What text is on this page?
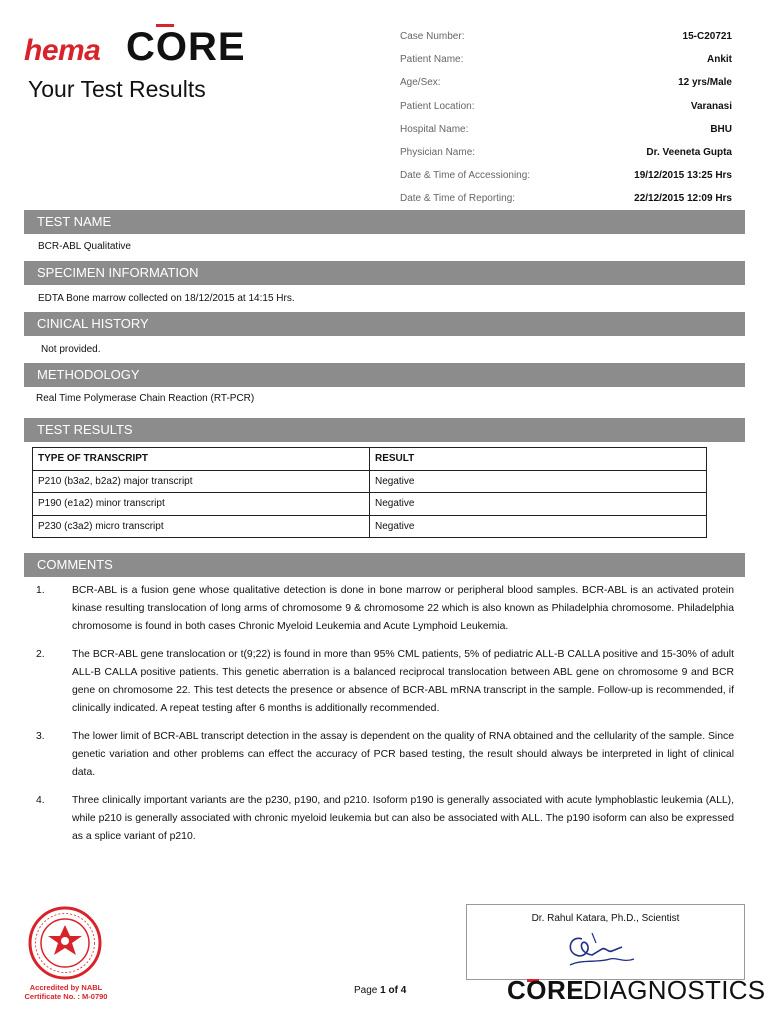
hema CORE
Your Test Results
Case Number:	15-C20721
Patient Name:	Ankit
Age/Sex:	12 yrs/Male
Patient Location:	Varanasi
Hospital Name:	BHU
Physician Name:	Dr. Veeneta Gupta
Date & Time of Accessioning:	19/12/2015 13:25 Hrs
Date & Time of Reporting:	22/12/2015 12:09 Hrs
TEST NAME
BCR-ABL Qualitative
SPECIMEN INFORMATION
EDTA Bone marrow collected on 18/12/2015 at 14:15 Hrs.
CINICAL HISTORY
Not provided.
METHODOLOGY
Real Time Polymerase Chain Reaction (RT-PCR)
TEST RESULTS
TYPE OF TRANSCRIPT	RESULT
P210 (b3a2, b2a2) major transcript	Negative
P190 (e1a2) minor transcript	Negative
P230 (c3a2) micro transcript	Negative
COMMENTS
1.	BCR-ABL is a fusion gene whose qualitative detection is done in bone marrow or peripheral blood samples. BCR-ABL is an activated protein kinase resulting translocation of long arms of chromosome 9 & chromosome 22 which is also known as Philadelphia chromosome. Philadelphia chromosome is found in both cases Chronic Myeloid Leukemia and Acute Lymphoid Leukemia.
2.	The BCR-ABL gene translocation or t(9;22) is found in more than 95% CML patients, 5% of pediatric ALL-B CALLA positive and 15-30% of adult ALL-B CALLA positive patients. This genetic aberration is a balanced reciprocal translocation between ABL gene on chromosome 9 and BCR gene on chromosome 22. This test detects the presence or absence of BCR-ABL mRNA transcript in the sample. Follow-up is recommended, if clinically indicated. A repeat testing after 6 months is additionally recommended.
3.	The lower limit of BCR-ABL transcript detection in the assay is dependent on the quality of RNA obtained and the cellularity of the sample. Since genetic variation and other problems can effect the accuracy of PCR based testing, the result should always be interpreted in light of clinical data.
4.	Three clinically important variants are the p230, p190, and p210. Isoform p190 is generally associated with acute lymphoblastic leukemia (ALL), while p210 is generally associated with chronic myeloid leukemia but can also be associated with ALL. The p190 isoform can also be expressed as a splice variant of p210.
Accredited by NABL
Certificate No. : M-0790
Page 1 of 4
Dr. Rahul Katara, Ph.D., Scientist
CORE
DIAGNOSTICS
